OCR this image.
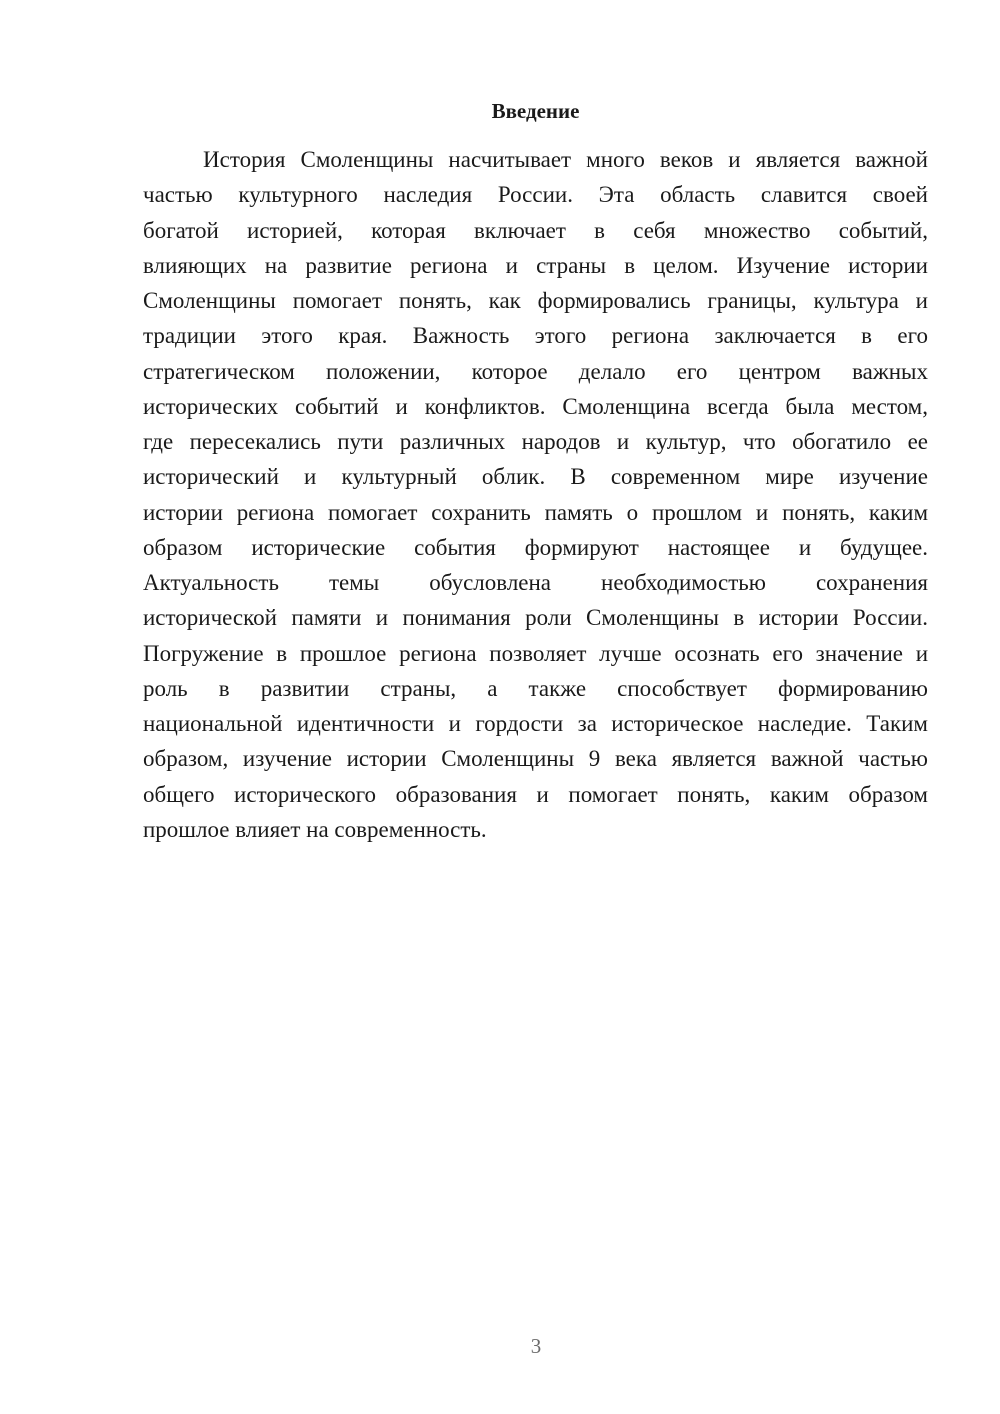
Введение
История Смоленщины насчитывает много веков и является важной
частью культурного наследия России. Эта область славится своей
богатой историей, которая включает в себя множество событий,
влияющих на развитие региона и страны в целом. Изучение истории
Смоленщины помогает понять, как формировались границы, культура и
традиции этого края. Важность этого региона заключается в его
стратегическом положении, которое делало его центром важных
исторических событий и конфликтов. Смоленщина всегда была местом,
где пересекались пути различных народов и культур, что обогатило ее
исторический и культурный облик. В современном мире изучение
истории региона помогает сохранить память о прошлом и понять, каким
образом исторические события формируют настоящее и будущее.
Актуальность темы обусловлена необходимостью сохранения
исторической памяти и понимания роли Смоленщины в истории России.
Погружение в прошлое региона позволяет лучше осознать его значение и
роль в развитии страны, а также способствует формированию
национальной идентичности и гордости за историческое наследие. Таким
образом, изучение истории Смоленщины 9 века является важной частью
общего исторического образования и помогает понять, каким образом
прошлое влияет на современность.
3
